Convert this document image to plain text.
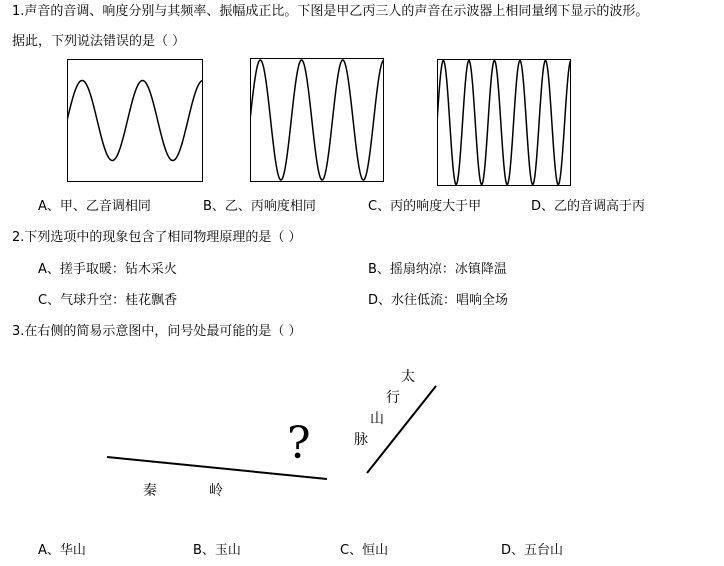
1.声音的音调、响度分别与其频率、振幅成正比。下图是甲乙丙三人的声音在示波器上相同量纲下显示的波形。
据此，下列说法错误的是（ ）
A、甲、乙音调相同	B、乙、丙响度相同	C、丙的响度大于甲	D、乙的音调高于丙
2.下列选项中的现象包含了相同物理原理的是（ ）
A、搓手取暖：钻木采火	B、摇扇纳凉：冰镇降温
C、气球升空：桂花飘香	D、水往低流：唱响全场
3.在右侧的简易示意图中，问号处最可能的是（ ）
?
秦	岭
太
行
山
脉
A、华山	B、玉山	C、恒山	D、五台山
